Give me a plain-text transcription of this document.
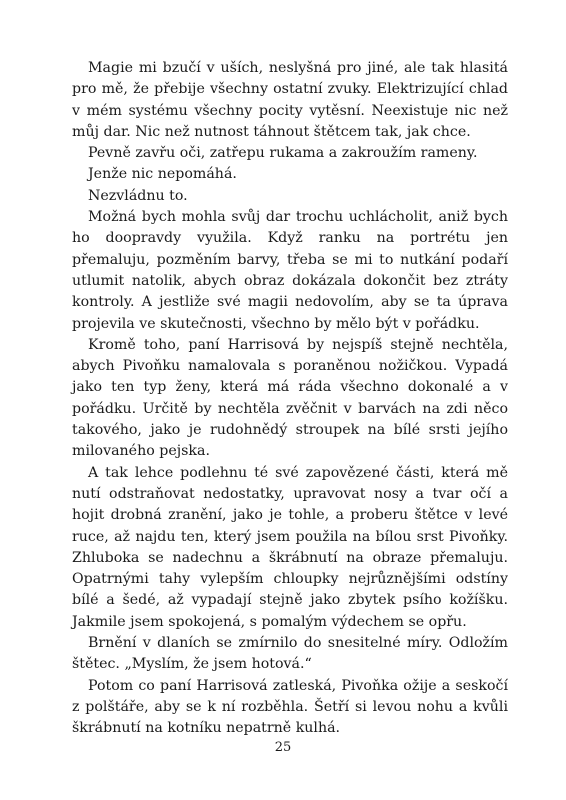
Magie mi bzučí v uších, neslyšná pro jiné, ale tak hlasitá pro mě, že přebije všechny ostatní zvuky. Elektrizující chlad v mém systému všechny pocity vytěsní. Neexistuje nic než můj dar. Nic než nutnost táhnout štětcem tak, jak chce.

Pevně zavřu oči, zatřepu rukama a zakroužím rameny.

Jenže nic nepomáhá.

Nezvládnu to.

Možná bych mohla svůj dar trochu uchlácholit, aniž bych ho doopravdy využila. Když ranku na portrétu jen přemaluju, pozměním barvy, třeba se mi to nutkání podaří utlumit natolik, abych obraz dokázala dokončit bez ztráty kontroly. A jestliže své magii nedovolím, aby se ta úprava projevila ve skutečnosti, všechno by mělo být v pořádku.

Kromě toho, paní Harrisová by nejspíš stejně nechtěla, abych Pivoňku namalovala s poraněnou nožičkou. Vypadá jako ten typ ženy, která má ráda všechno dokonalé a v pořádku. Určitě by nechtěla zvěčnit v barvách na zdi něco takového, jako je rudohnědý stroupek na bílé srsti jejího milovaného pejska.

A tak lehce podlehnu té své zapovězené části, která mě nutí odstraňovat nedostatky, upravovat nosy a tvar očí a hojit drobná zranění, jako je tohle, a proberu štětce v levé ruce, až najdu ten, který jsem použila na bílou srst Pivoňky. Zhluboka se nadechnu a škrábnutí na obraze přemaluju. Opatrnými tahy vylepším chloupky nejrůznějšími odstíny bílé a šedé, až vypadají stejně jako zbytek psího kožíšku. Jakmile jsem spokojená, s pomalým výdechem se opřu.

Brnění v dlaních se zmírnilo do snesitelné míry. Odložím štětec. „Myslím, že jsem hotová.“

Potom co paní Harrisová zatleská, Pivoňka ožije a seskočí z polštáře, aby se k ní rozběhla. Šetří si levou nohu a kvůli škrábnutí na kotníku nepatrně kulhá.

25
